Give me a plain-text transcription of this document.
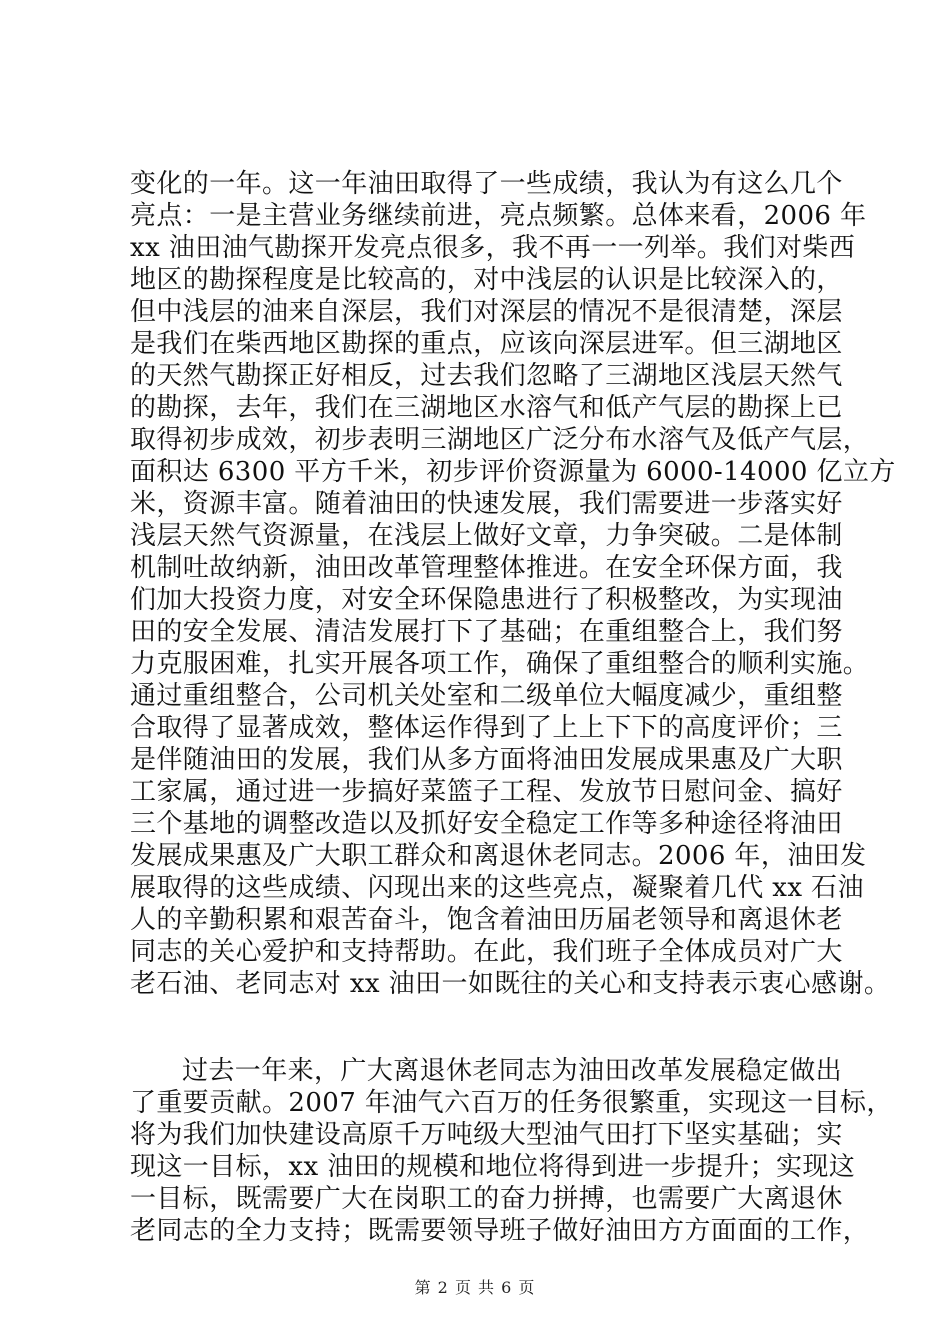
变化的一年。这一年油田取得了一些成绩，我认为有这么几个
亮点：一是主营业务继续前进，亮点频繁。总体来看，2006 年
xx 油田油气勘探开发亮点很多，我不再一一列举。我们对柴西
地区的勘探程度是比较高的，对中浅层的认识是比较深入的，
但中浅层的油来自深层，我们对深层的情况不是很清楚，深层
是我们在柴西地区勘探的重点，应该向深层进军。但三湖地区
的天然气勘探正好相反，过去我们忽略了三湖地区浅层天然气
的勘探，去年，我们在三湖地区水溶气和低产气层的勘探上已
取得初步成效，初步表明三湖地区广泛分布水溶气及低产气层，
面积达 6300 平方千米，初步评价资源量为 6000-14000 亿立方
米，资源丰富。随着油田的快速发展，我们需要进一步落实好
浅层天然气资源量，在浅层上做好文章，力争突破。二是体制
机制吐故纳新，油田改革管理整体推进。在安全环保方面，我
们加大投资力度，对安全环保隐患进行了积极整改，为实现油
田的安全发展、清洁发展打下了基础；在重组整合上，我们努
力克服困难，扎实开展各项工作，确保了重组整合的顺利实施。
通过重组整合，公司机关处室和二级单位大幅度减少，重组整
合取得了显著成效，整体运作得到了上上下下的高度评价；三
是伴随油田的发展，我们从多方面将油田发展成果惠及广大职
工家属，通过进一步搞好菜篮子工程、发放节日慰问金、搞好
三个基地的调整改造以及抓好安全稳定工作等多种途径将油田
发展成果惠及广大职工群众和离退休老同志。2006 年，油田发
展取得的这些成绩、闪现出来的这些亮点，凝聚着几代 xx 石油
人的辛勤积累和艰苦奋斗，饱含着油田历届老领导和离退休老
同志的关心爱护和支持帮助。在此，我们班子全体成员对广大
老石油、老同志对 xx 油田一如既往的关心和支持表示衷心感谢。
过去一年来，广大离退休老同志为油田改革发展稳定做出
了重要贡献。2007 年油气六百万的任务很繁重，实现这一目标，
将为我们加快建设高原千万吨级大型油气田打下坚实基础；实
现这一目标，xx 油田的规模和地位将得到进一步提升；实现这
一目标，既需要广大在岗职工的奋力拼搏，也需要广大离退休
老同志的全力支持；既需要领导班子做好油田方方面面的工作，
第 2 页 共 6 页
